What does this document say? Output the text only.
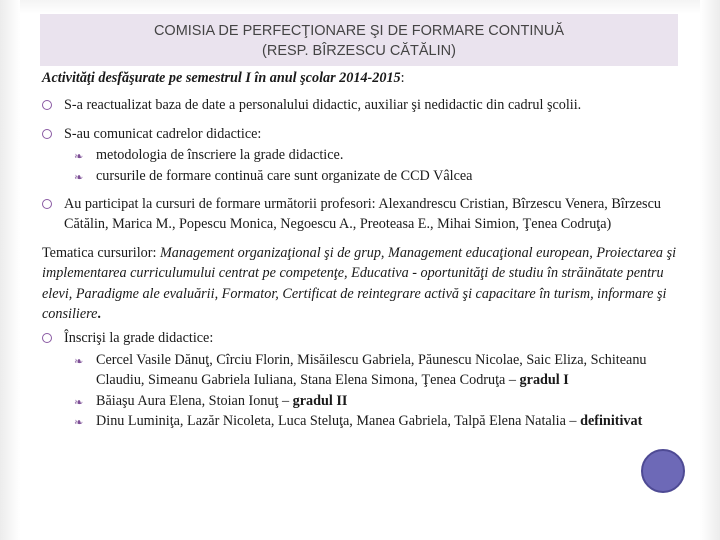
COMISIA DE PERFECŢIONARE ŞI DE FORMARE CONTINUĂ
(RESP. BÎRZESCU CĂTĂLIN)
Activităţi desfăşurate pe semestrul I în anul şcolar 2014-2015:
S-a reactualizat baza de date a personalului didactic, auxiliar şi nedidactic din cadrul şcolii.
S-au comunicat cadrelor didactice:
❧ metodologia de înscriere la grade didactice.
❧ cursurile de formare continuă care sunt organizate de CCD Vâlcea
Au participat la cursuri de formare următorii profesori: Alexandrescu Cristian, Bîrzescu Venera, Bîrzescu Cătălin, Marica M., Popescu Monica, Negoescu A., Preoteasa E., Mihai Simion, Ţenea Codruţa)
Tematica cursurilor: Management organizaţional şi de grup, Management educaţional european, Proiectarea şi implementarea curriculumului centrat pe competenţe, Educativa - oportunităţi de studiu în străinătate pentru elevi, Paradigme ale evaluării, Formator, Certificat de reintegrare activă şi capacitare în turism, informare şi consiliere.
Înscrişi la grade didactice:
❧ Cercel Vasile Dănuţ, Cîrciu Florin, Misăilescu Gabriela, Păunescu Nicolae, Saic Eliza, Schiteanu Claudiu, Simeanu Gabriela Iuliana, Stana Elena Simona, Ţenea Codruţa – gradul I
❧ Băiaşu Aura Elena, Stoian Ionuţ – gradul II
❧ Dinu Luminiţa, Lazăr Nicoleta, Luca Steluţa, Manea Gabriela, Talpă Elena Natalia – definitivat
